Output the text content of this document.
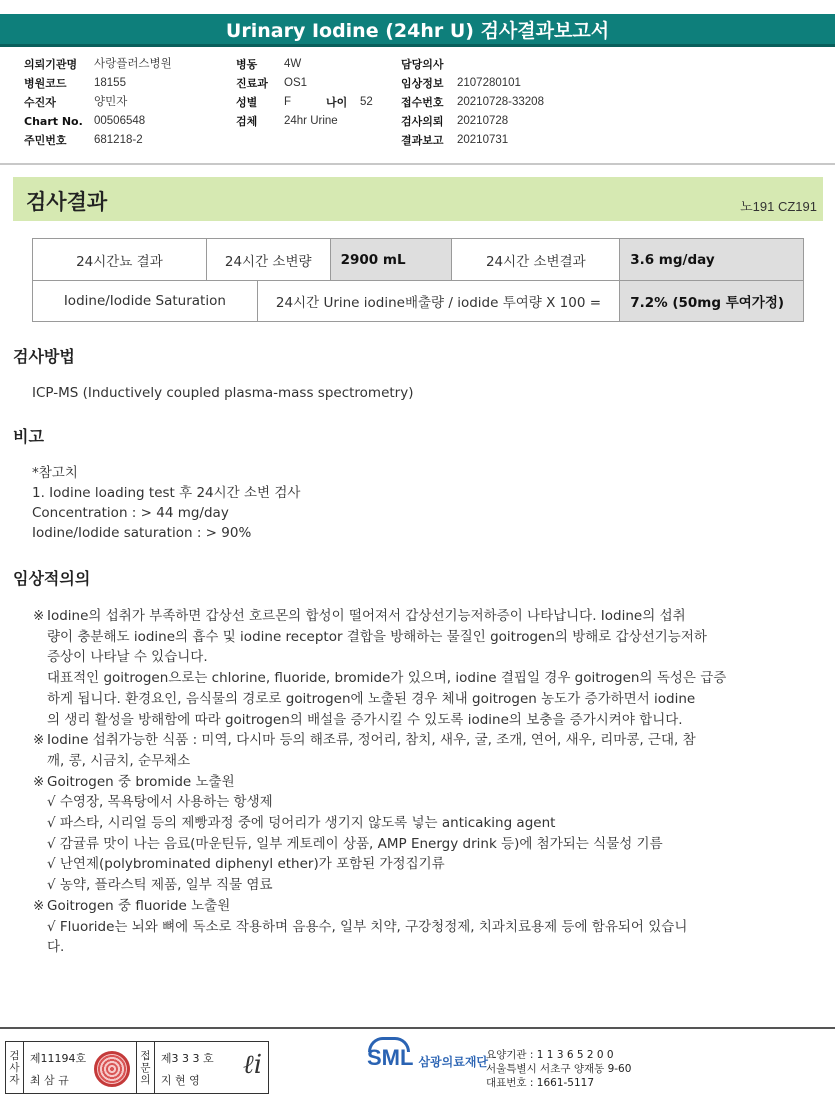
Urinary Iodine (24hr U) 검사결과보고서
의뢰기관명	사랑플러스병원
병원코드	18155
수진자	양민자
Chart No. 00506548
주민번호	681218-2
병동	4W
진료과	OS1
성별	F	나이	52
검체	24hr Urine
담당의사
임상정보	2107280101
접수번호	20210728-33208
검사의뢰	20210728
결과보고	20210731
검사결과	노191 CZ191
24시간뇨 결과	24시간 소변량		2900 mL	24시간 소변결과	3.6 mg/day
Iodine/Iodide Saturation		24시간 Urine iodine배출량 / iodide 투여량 X 100 =			7.2% (50mg 투여가정)
검사방법
ICP-MS (Inductively coupled plasma-mass spectrometry)
비고
*참고치
1. Iodine loading test 후 24시간 소변 검사
Concentration : > 44 mg/day
Iodine/Iodide saturation : > 90%
임상적의의

※ Iodine의 섭취가 부족하면 갑상선 호르몬의 합성이 떨어져서 갑상선기능저하증이 나타납니다. Iodine의 섭취

량이 충분해도 iodine의 흡수 및 iodine receptor 결합을 방해하는 물질인 goitrogen의 방해로 갑상선기능저하

증상이 나타날 수 있습니다.

대표적인 goitrogen으로는 chlorine, fluoride, bromide가 있으며, iodine 결핍일 경우 goitrogen의 독성은 급증

하게 됩니다. 환경요인, 음식물의 경로로 goitrogen에 노출된 경우 체내 goitrogen 농도가 증가하면서 iodine

의 생리 활성을 방해함에 따라 goitrogen의 배설을 증가시킬 수 있도록 iodine의 보충을 증가시켜야 합니다.

※ Iodine 섭취가능한 식품 : 미역, 다시마 등의 해조류, 정어리, 참치, 새우, 굴, 조개, 연어, 새우, 리마콩, 근대, 참

깨, 콩, 시금치, 순무채소

※ Goitrogen 중 bromide 노출원

√ 수영장, 목욕탕에서 사용하는 항생제

√ 파스타, 시리얼 등의 제빵과정 중에 덩어리가 생기지 않도록 넣는 anticaking agent

√ 감귤류 맛이 나는 음료(마운틴듀, 일부 게토레이 상품, AMP Energy drink 등)에 첨가되는 식물성 기름

√ 난연제(polybrominated diphenyl ether)가 포함된 가정집기류

√ 농약, 플라스틱 제품, 일부 직물 염료

※ Goitrogen 중 fluoride 노출원

√ Fluoride는 뇌와 뼈에 독소로 작용하며 음용수, 일부 치약, 구강청정제, 치과치료용제 등에 함유되어 있습니

다.

검
사
자
제11194호
최 삼 규
접
문
의
제3 3 3 호
지 현 영
ℓi	SML 삼광의료재단
요양기관 : 1 1 3 6 5 2 0 0
서울특별시 서초구 양재동 9-60
대표번호 : 1661-5117
